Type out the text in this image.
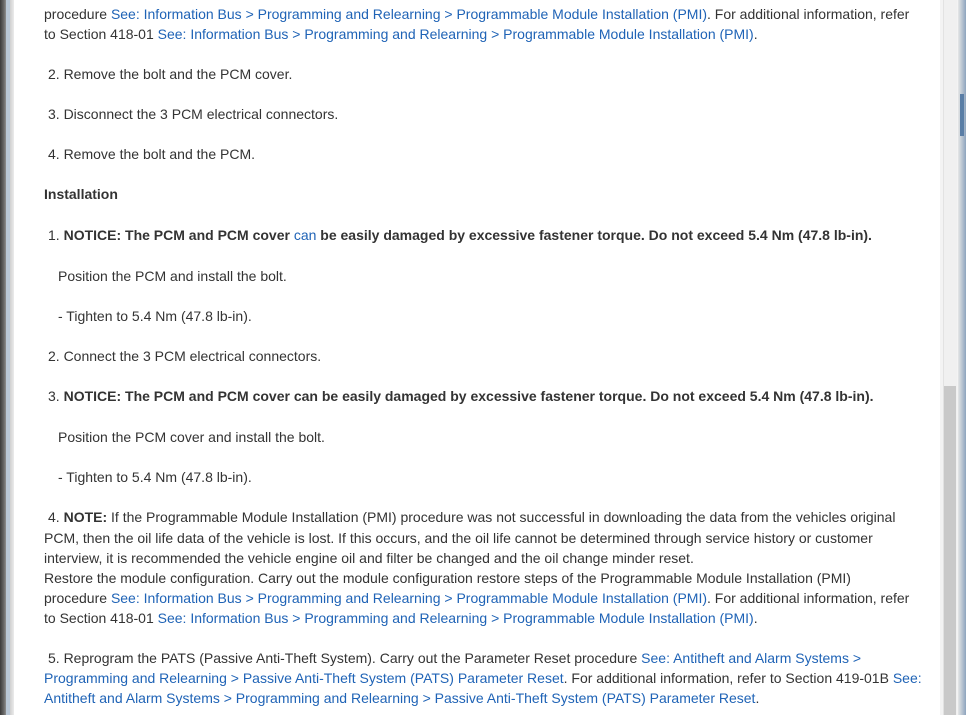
procedure See: Information Bus > Programming and Relearning > Programmable Module Installation (PMI). For additional information, refer
to Section 418-01 See: Information Bus > Programming and Relearning > Programmable Module Installation (PMI).
2. Remove the bolt and the PCM cover.
3. Disconnect the 3 PCM electrical connectors.
4. Remove the bolt and the PCM.
Installation
1. NOTICE: The PCM and PCM cover can be easily damaged by excessive fastener torque. Do not exceed 5.4 Nm (47.8 lb-in).
Position the PCM and install the bolt.
- Tighten to 5.4 Nm (47.8 lb-in).
2. Connect the 3 PCM electrical connectors.
3. NOTICE: The PCM and PCM cover can be easily damaged by excessive fastener torque. Do not exceed 5.4 Nm (47.8 lb-in).
Position the PCM cover and install the bolt.
- Tighten to 5.4 Nm (47.8 lb-in).
4. NOTE: If the Programmable Module Installation (PMI) procedure was not successful in downloading the data from the vehicles original
PCM, then the oil life data of the vehicle is lost. If this occurs, and the oil life cannot be determined through service history or customer
interview, it is recommended the vehicle engine oil and filter be changed and the oil change minder reset.
Restore the module configuration. Carry out the module configuration restore steps of the Programmable Module Installation (PMI)
procedure See: Information Bus > Programming and Relearning > Programmable Module Installation (PMI). For additional information, refer
to Section 418-01 See: Information Bus > Programming and Relearning > Programmable Module Installation (PMI).
5. Reprogram the PATS (Passive Anti-Theft System). Carry out the Parameter Reset procedure See: Antitheft and Alarm Systems >
Programming and Relearning > Passive Anti-Theft System (PATS) Parameter Reset. For additional information, refer to Section 419-01B See:
Antitheft and Alarm Systems > Programming and Relearning > Passive Anti-Theft System (PATS) Parameter Reset.
